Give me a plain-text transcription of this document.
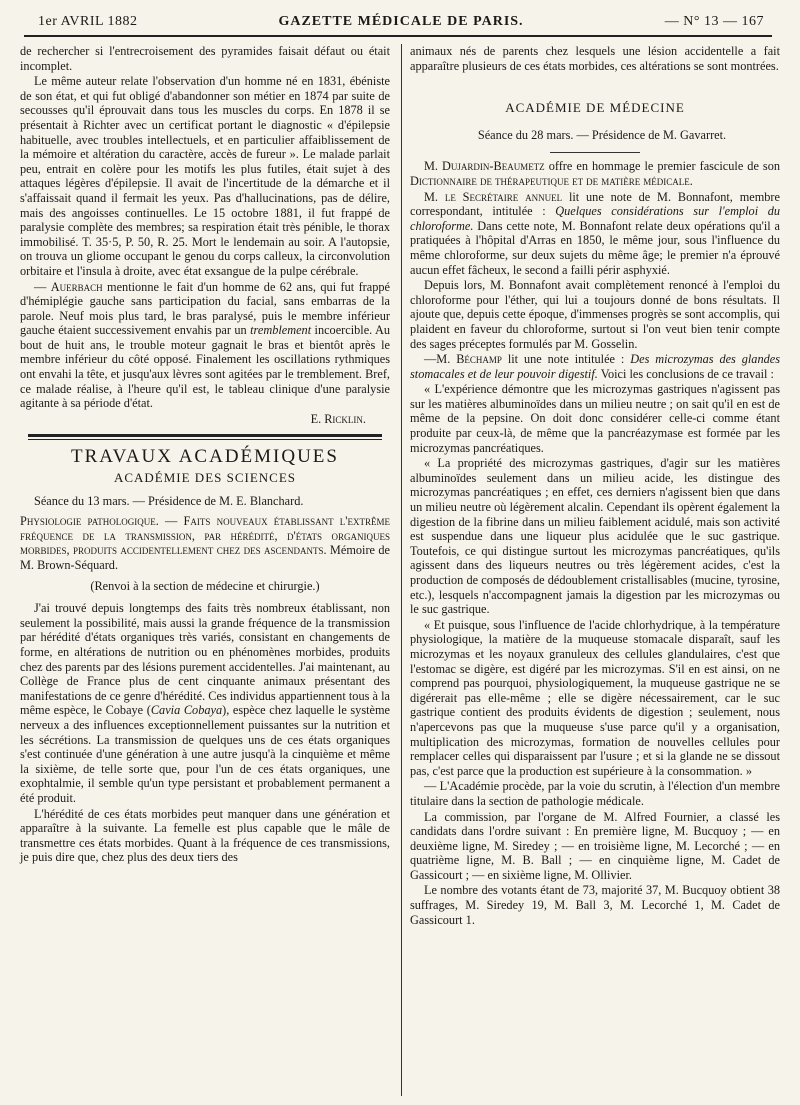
1er AVRIL 1882	GAZETTE MÉDICALE DE PARIS.	— N° 13 — 167

de rechercher si l'entrecroisement des pyramides faisait défaut ou était incomplet.

Le même auteur relate l'observation d'un homme né en 1831, ébéniste de son état, et qui fut obligé d'abandonner son métier en 1874 par suite de secousses qu'il éprouvait dans tous les muscles du corps. En 1878 il se présentait à Richter avec un certificat portant le diagnostic « d'épilepsie habituelle, avec troubles intellectuels, et en particulier affaiblissement de la mémoire et altération du caractère, accès de fureur ». Le malade parlait peu, entrait en colère pour les motifs les plus futiles, était sujet à des attaques légères d'épilepsie. Il avait de l'incertitude de la démarche et il s'affaissait quand il fermait les yeux. Pas d'hallucinations, pas de délire, mais des angoisses continuelles. Le 15 octobre 1881, il fut frappé de paralysie complète des membres; sa respiration était très pénible, le thorax immobilisé. T. 35·5, P. 50, R. 25. Mort le lendemain au soir. A l'autopsie, on trouva un gliome occupant le genou du corps calleux, la circonvolution orbitaire et l'insula à droite, avec état exsangue de la pulpe cérébrale.

— Auerbach mentionne le fait d'un homme de 62 ans, qui fut frappé d'hémiplégie gauche sans participation du facial, sans embarras de la parole. Neuf mois plus tard, le bras paralysé, puis le membre inférieur gauche étaient successivement envahis par un tremblement incoercible. Au bout de huit ans, le trouble moteur gagnait le bras et bientôt après le membre inférieur du côté opposé. Finalement les oscillations rythmiques ont envahi la tête, et jusqu'aux lèvres sont agitées par le tremblement. Bref, ce malade réalise, à l'heure qu'il est, le tableau clinique d'une paralysie agitante à sa période d'état.

E. Ricklin.

TRAVAUX ACADÉMIQUES
ACADÉMIE DES SCIENCES

Séance du 13 mars. — Présidence de M. E. Blanchard.

Physiologie pathologique. — Faits nouveaux établissant l'extrême fréquence de la transmission, par hérédité, d'états organiques morbides, produits accidentellement chez des ascendants. Mémoire de M. Brown-Séquard.

(Renvoi à la section de médecine et chirurgie.)

J'ai trouvé depuis longtemps des faits très nombreux établissant, non seulement la possibilité, mais aussi la grande fréquence de la transmission par hérédité d'états organiques très variés, consistant en changements de forme, en altérations de nutrition ou en phénomènes morbides, produits chez des parents par des lésions purement accidentelles. J'ai maintenant, au Collège de France plus de cent cinquante animaux présentant des manifestations de ce genre d'hérédité. Ces individus appartiennent tous à la même espèce, le Cobaye (Cavia Cobaya), espèce chez laquelle le système nerveux a des influences exceptionnellement puissantes sur la nutrition et les sécrétions. La transmission de quelques uns de ces états organiques s'est continuée d'une génération à une autre jusqu'à la cinquième et même la sixième, de telle sorte que, pour l'un de ces états organiques, une exophtalmie, il semble qu'un type persistant et probablement permanent a été produit.

L'hérédité de ces états morbides peut manquer dans une génération et apparaître à la suivante. La femelle est plus capable que le mâle de transmettre ces états morbides. Quant à la fréquence de ces transmissions, je puis dire que, chez plus des deux tiers des

animaux nés de parents chez lesquels une lésion accidentelle a fait apparaître plusieurs de ces états morbides, ces altérations se sont montrées.

ACADÉMIE DE MÉDECINE

Séance du 28 mars. — Présidence de M. Gavarret.

M. Dujardin-Beaumetz offre en hommage le premier fascicule de son Dictionnaire de thérapeutique et de matière médicale.

M. le Secrétaire annuel lit une note de M. Bonnafont, membre correspondant, intitulée : Quelques considérations sur l'emploi du chloroforme. Dans cette note, M. Bonnafont relate deux opérations qu'il a pratiquées à l'hôpital d'Arras en 1850, le même jour, sous l'influence du même chloroforme, sur deux sujets du même âge; le premier n'a éprouvé aucun effet fâcheux, le second a failli périr asphyxié.

Depuis lors, M. Bonnafont avait complètement renoncé à l'emploi du chloroforme pour l'éther, qui lui a toujours donné de bons résultats. Il ajoute que, depuis cette époque, d'immenses progrès se sont accomplis, qui plaident en faveur du chloroforme, surtout si l'on veut bien tenir compte des sages préceptes formulés par M. Gosselin.

—M. Béchamp lit une note intitulée : Des microzymas des glandes stomacales et de leur pouvoir digestif. Voici les conclusions de ce travail :

« L'expérience démontre que les microzymas gastriques n'agissent pas sur les matières albuminoïdes dans un milieu neutre ; on sait qu'il en est de même de la pepsine. On doit donc considérer celle-ci comme étant produite par ceux-là, de même que la pancréazymase est formée par les microzymas pancréatiques.

« La propriété des microzymas gastriques, d'agir sur les matières albuminoïdes seulement dans un milieu acide, les distingue des microzymas pancréatiques ; en effet, ces derniers n'agissent bien que dans un milieu neutre où légèrement alcalin. Cependant ils opèrent également la digestion de la fibrine dans un milieu faiblement acidulé, mais son activité est suspendue dans une liqueur plus acidulée que le suc gastrique. Toutefois, ce qui distingue surtout les microzymas pancréatiques, qu'ils agissent dans des liqueurs neutres ou très légèrement acides, c'est la production de composés de dédoublement cristallisables (mucine, tyrosine, etc.), lesquels n'accompagnent jamais la digestion par les microzymas ou le suc gastrique.

« Et puisque, sous l'influence de l'acide chlorhydrique, à la température physiologique, la matière de la muqueuse stomacale disparaît, sauf les microzymas et les noyaux granuleux des cellules glandulaires, c'est que l'estomac se digère, est digéré par les microzymas. S'il en est ainsi, on ne comprend pas pourquoi, physiologiquement, la muqueuse gastrique ne se digérerait pas elle-même ; elle se digère nécessairement, car le suc gastrique contient des produits évidents de digestion ; seulement, nous n'apercevons pas que la muqueuse s'use parce qu'il y a organisation, multiplication des microzymas, formation de nouvelles cellules pour remplacer celles qui disparaissent par l'usure ; et si la glande ne se dissout pas, c'est parce que la production est supérieure à la consommation. »

— L'Académie procède, par la voie du scrutin, à l'élection d'un membre titulaire dans la section de pathologie médicale.

La commission, par l'organe de M. Alfred Fournier, a classé les candidats dans l'ordre suivant : En première ligne, M. Bucquoy ; — en deuxième ligne, M. Siredey ; — en troisième ligne, M. Lecorché ; — en quatrième ligne, M. B. Ball ; — en cinquième ligne, M. Cadet de Gassicourt ; — en sixième ligne, M. Ollivier.

Le nombre des votants étant de 73, majorité 37, M. Bucquoy obtient 38 suffrages, M. Siredey 19, M. Ball 3, M. Lecorché 1, M. Cadet de Gassicourt 1.
